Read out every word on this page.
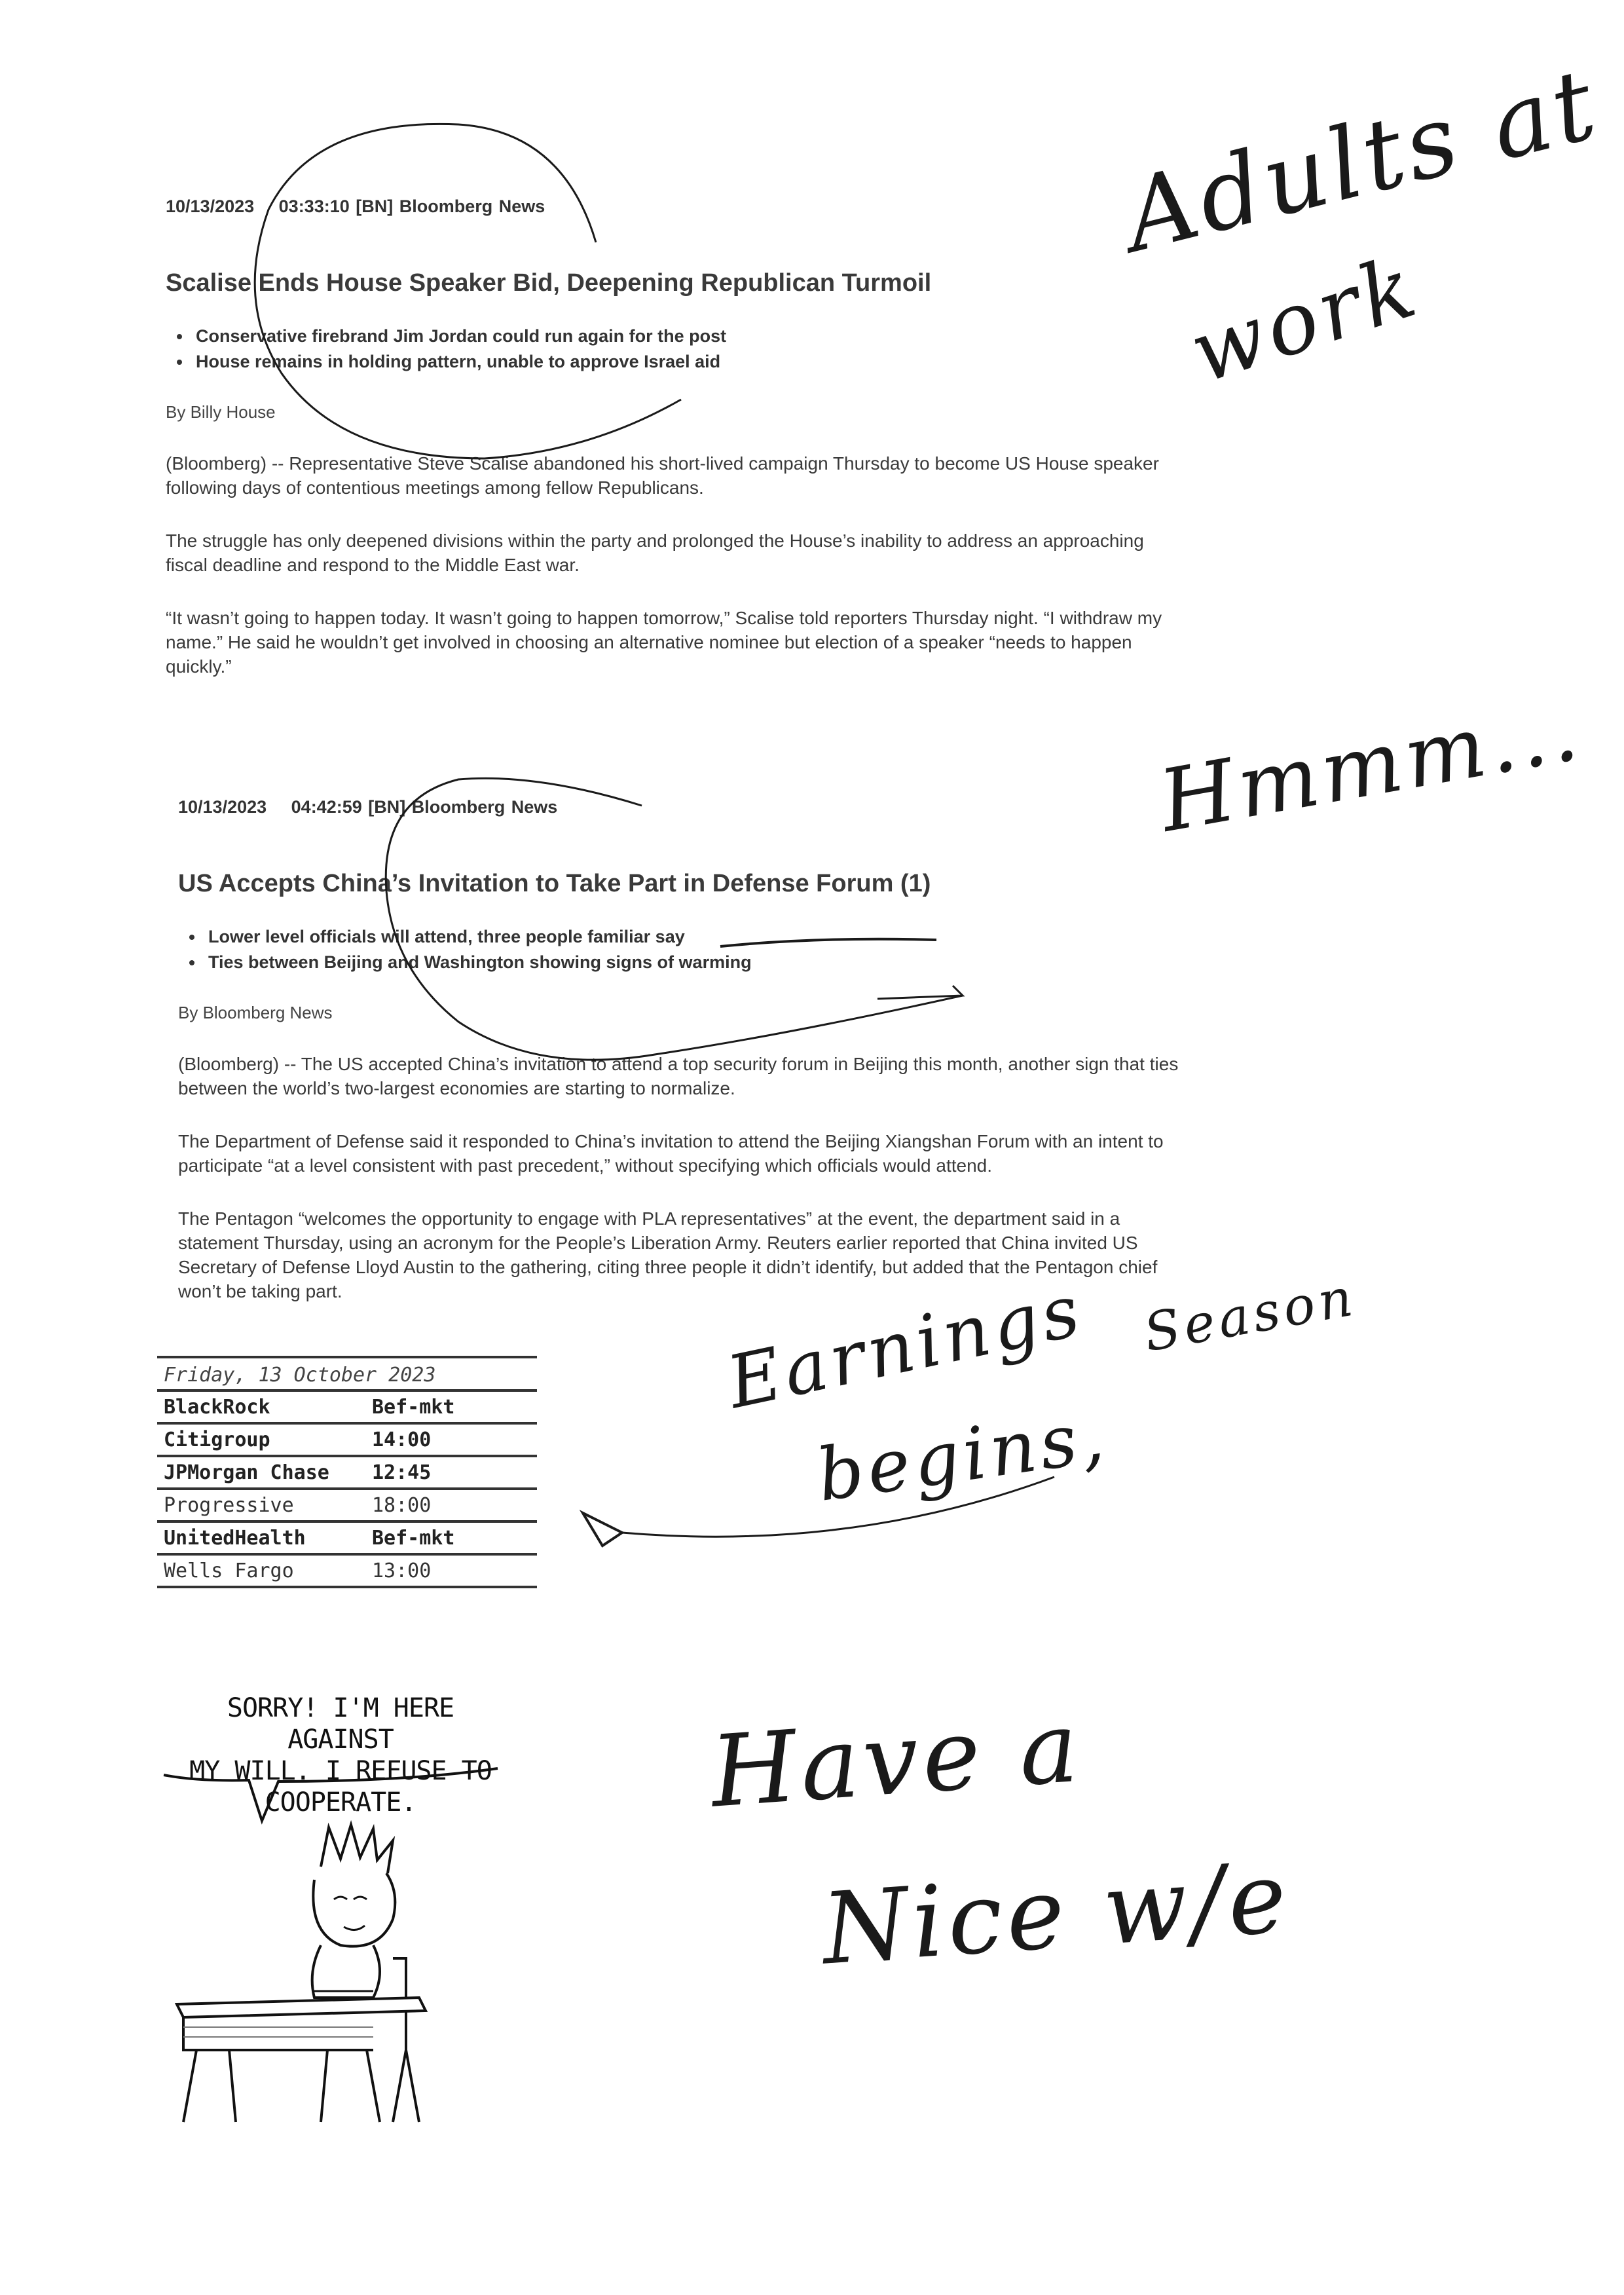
10/13/2023 03:33:10 [BN] Bloomberg News
Scalise Ends House Speaker Bid, Deepening Republican Turmoil
• Conservative firebrand Jim Jordan could run again for the post
• House remains in holding pattern, unable to approve Israel aid
By Billy House

(Bloomberg) -- Representative Steve Scalise abandoned his short-lived campaign Thursday to become US House speaker following days of contentious meetings among fellow Republicans.

The struggle has only deepened divisions within the party and prolonged the House’s inability to address an approaching fiscal deadline and respond to the Middle East war.

“It wasn’t going to happen today. It wasn’t going to happen tomorrow,” Scalise told reporters Thursday night. “I withdraw my name.” He said he wouldn’t get involved in choosing an alternative nominee but election of a speaker “needs to happen quickly.”

10/13/2023 04:42:59 [BN] Bloomberg News
US Accepts China’s Invitation to Take Part in Defense Forum (1)
• Lower level officials will attend, three people familiar say
• Ties between Beijing and Washington showing signs of warming
By Bloomberg News

(Bloomberg) -- The US accepted China’s invitation to attend a top security forum in Beijing this month, another sign that ties between the world’s two-largest economies are starting to normalize.

The Department of Defense said it responded to China’s invitation to attend the Beijing Xiangshan Forum with an intent to participate “at a level consistent with past precedent,” without specifying which officials would attend.

The Pentagon “welcomes the opportunity to engage with PLA representatives” at the event, the department said in a statement Thursday, using an acronym for the People’s Liberation Army. Reuters earlier reported that China invited US Secretary of Defense Lloyd Austin to the gathering, citing three people it didn’t identify, but added that the Pentagon chief won’t be taking part.

Friday, 13 October 2023
BlackRock	Bef-mkt
Citigroup	14:00
JPMorgan Chase	12:45
Progressive	18:00
UnitedHealth	Bef-mkt
Wells Fargo	13:00
SORRY! I'M HERE AGAINST
MY WILL. I REFUSE TO
COOPERATE.
Adults at
work
Hmmm...
Earnings
begins,
Season
Have a
Nice w/e
